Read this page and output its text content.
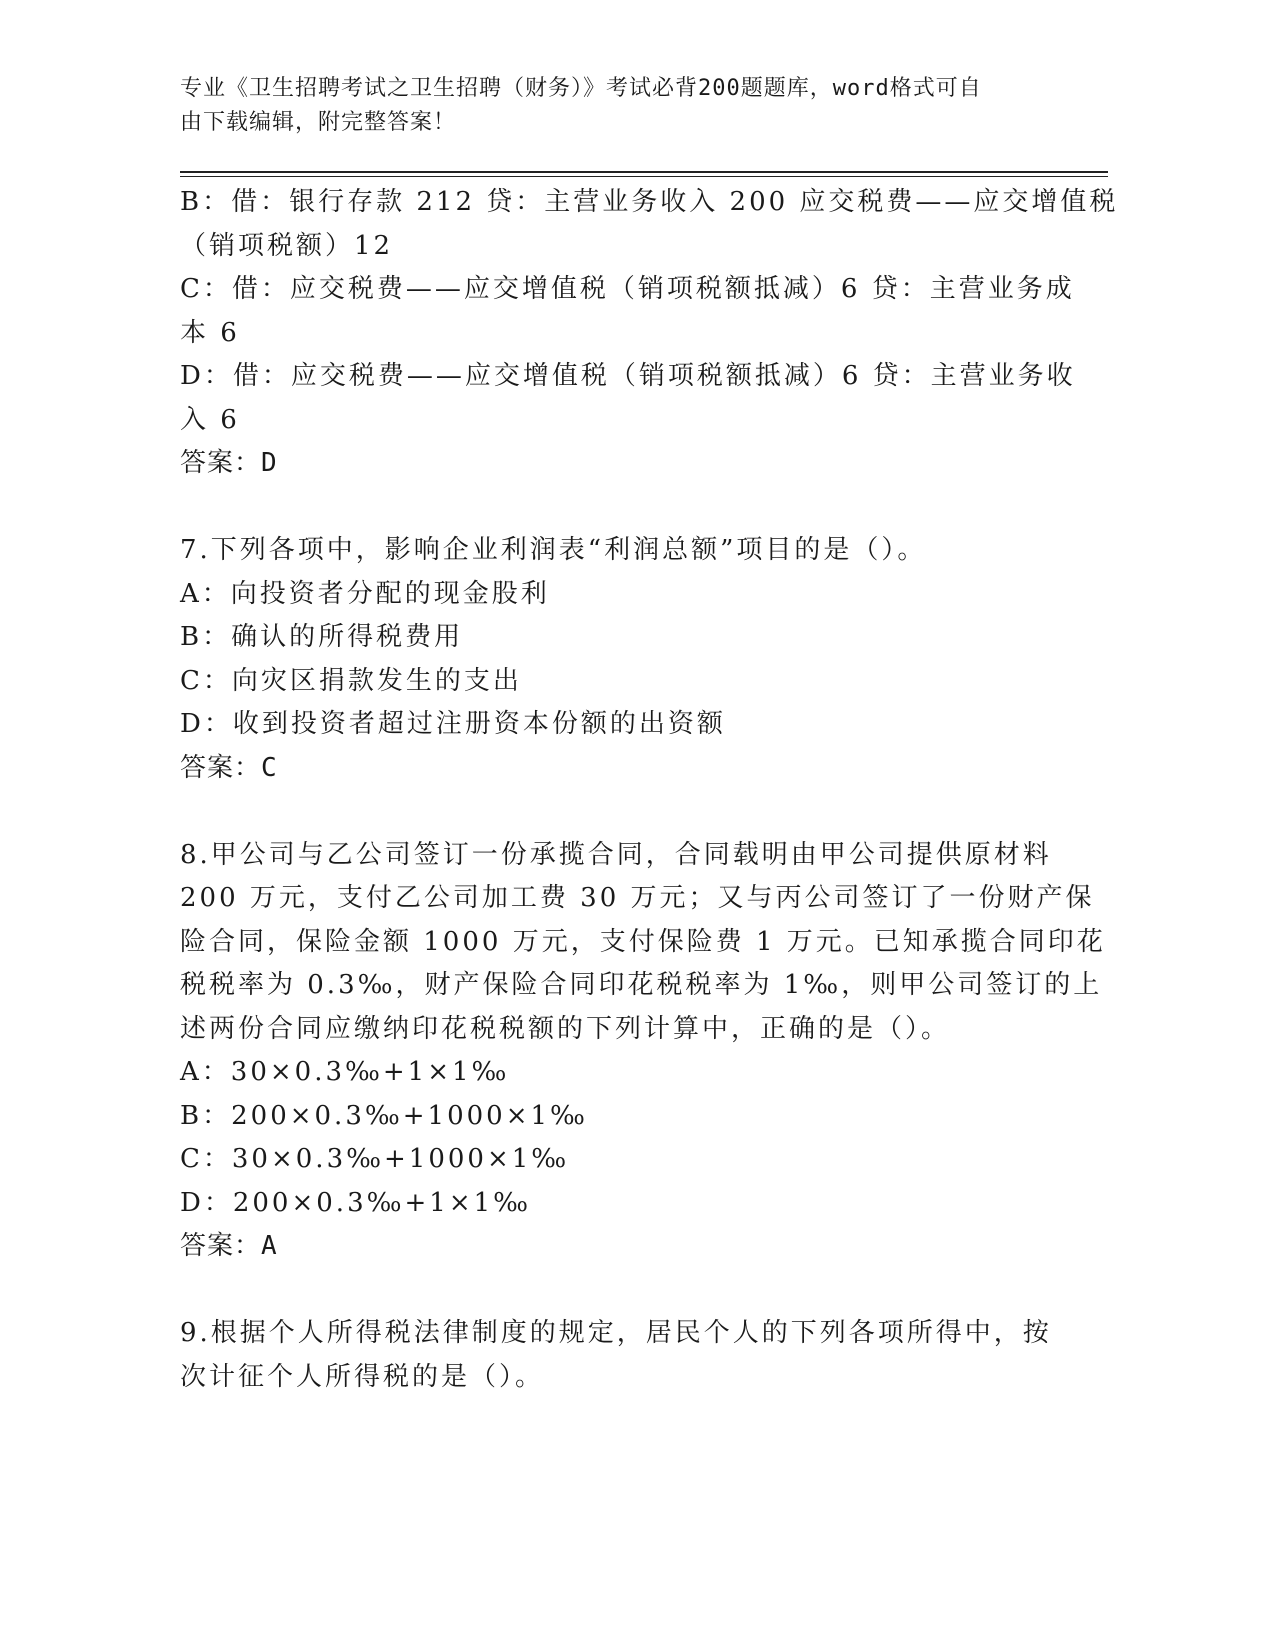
专业《卫生招聘考试之卫生招聘（财务）》考试必背200题题库，word格式可自
由下载编辑，附完整答案！
B：借：银行存款 212 贷：主营业务收入 200 应交税费——应交增值税
（销项税额）12
C：借：应交税费——应交增值税（销项税额抵减）6 贷：主营业务成
本 6
D：借：应交税费——应交增值税（销项税额抵减）6 贷：主营业务收
入 6
答案：D
7.下列各项中，影响企业利润表“利润总额”项目的是（）。
A：向投资者分配的现金股利
B：确认的所得税费用
C：向灾区捐款发生的支出
D：收到投资者超过注册资本份额的出资额
答案：C
8.甲公司与乙公司签订一份承揽合同，合同载明由甲公司提供原材料
200 万元，支付乙公司加工费 30 万元；又与丙公司签订了一份财产保
险合同，保险金额 1000 万元，支付保险费 1 万元。已知承揽合同印花
税税率为 0.3‰，财产保险合同印花税税率为 1‰，则甲公司签订的上
述两份合同应缴纳印花税税额的下列计算中，正确的是（）。
A：30×0.3‰+1×1‰
B：200×0.3‰+1000×1‰
C：30×0.3‰+1000×1‰
D：200×0.3‰+1×1‰
答案：A
9.根据个人所得税法律制度的规定，居民个人的下列各项所得中，按
次计征个人所得税的是（）。
